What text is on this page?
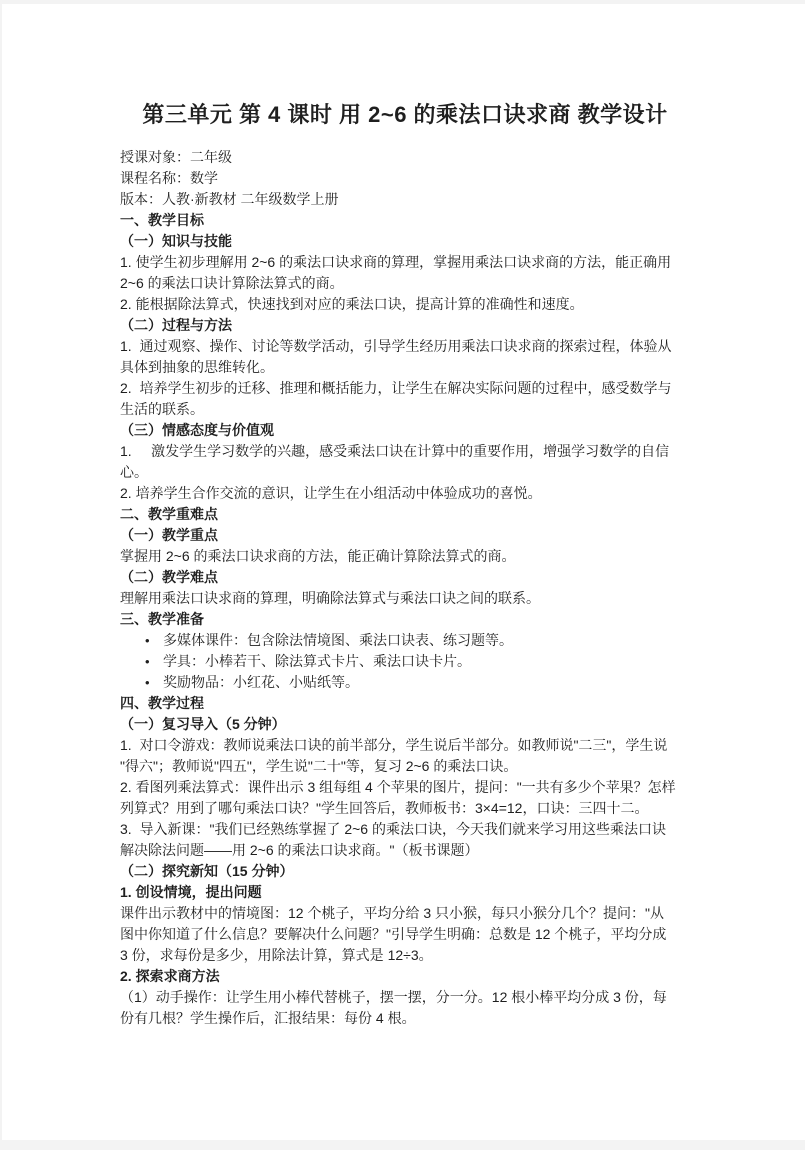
第三单元 第 4 课时 用 2~6 的乘法口诀求商 教学设计
授课对象：二年级
课程名称：数学
版本：人教·新教材 二年级数学上册
一、教学目标
（一）知识与技能
1. 使学生初步理解用 2~6 的乘法口诀求商的算理，掌握用乘法口诀求商的方法，能正确用
2~6 的乘法口诀计算除法算式的商。
2. 能根据除法算式，快速找到对应的乘法口诀，提高计算的准确性和速度。
（二）过程与方法
1.  通过观察、操作、讨论等数学活动，引导学生经历用乘法口诀求商的探索过程，体验从
具体到抽象的思维转化。
2.  培养学生初步的迁移、推理和概括能力，让学生在解决实际问题的过程中，感受数学与
生活的联系。
（三）情感态度与价值观
1.     激发学生学习数学的兴趣，感受乘法口诀在计算中的重要作用，增强学习数学的自信
心。
2. 培养学生合作交流的意识，让学生在小组活动中体验成功的喜悦。
二、教学重难点
（一）教学重点
掌握用 2~6 的乘法口诀求商的方法，能正确计算除法算式的商。
（二）教学难点
理解用乘法口诀求商的算理，明确除法算式与乘法口诀之间的联系。
三、教学准备
• 多媒体课件：包含除法情境图、乘法口诀表、练习题等。
• 学具：小棒若干、除法算式卡片、乘法口诀卡片。
• 奖励物品：小红花、小贴纸等。
四、教学过程
（一）复习导入（5 分钟）
1.  对口令游戏：教师说乘法口诀的前半部分，学生说后半部分。如教师说"二三"，学生说
"得六"；教师说"四五"，学生说"二十"等，复习 2~6 的乘法口诀。
2. 看图列乘法算式：课件出示 3 组每组 4 个苹果的图片，提问："一共有多少个苹果？怎样
列算式？用到了哪句乘法口诀？"学生回答后，教师板书：3×4=12，口诀：三四十二。
3.  导入新课："我们已经熟练掌握了 2~6 的乘法口诀，今天我们就来学习用这些乘法口诀
解决除法问题——用 2~6 的乘法口诀求商。"（板书课题）
（二）探究新知（15 分钟）
1. 创设情境，提出问题
课件出示教材中的情境图：12 个桃子，平均分给 3 只小猴，每只小猴分几个？提问："从
图中你知道了什么信息？要解决什么问题？"引导学生明确：总数是 12 个桃子，平均分成
3 份，求每份是多少，用除法计算，算式是 12÷3。
2. 探索求商方法
（1）动手操作：让学生用小棒代替桃子，摆一摆，分一分。12 根小棒平均分成 3 份，每
份有几根？学生操作后，汇报结果：每份 4 根。
